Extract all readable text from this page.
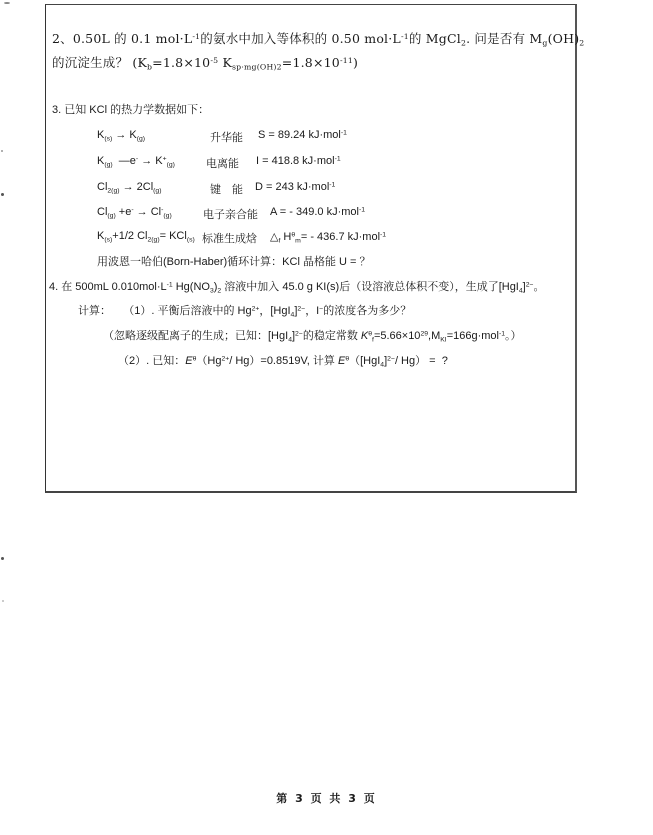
2、0.50L 的 0.1 $mol\cdot L^{-1}$的氨水中加入等体积的 0.50 $mol\cdot L^{-1}$的 MgCl$_2$. 问是否有 $M_g(OH)_2$
的沉淀生成？ ($K_b=1.8\times 10^{-5}$ $K_{sp\cdot mg(OH)2}=1.8\times 10^{-11}$)
3. 已知 KCl 的热力学数据如下：
$K_{(s)} \to K_{(g)}$	升华能 S = 89.24 kJ·mol$^{-1}$
$K_{(g)}$  —e- → $K^+_{(g)}$	电离能 I = 418.8 kJ·mol$^{-1}$
$Cl_{2(g)} \to 2Cl_{(g)}$	键　能 D = 243 kJ·mol$^{-1}$
$Cl_{(g)} +e^- \to Cl^-_{(g)}$	电子亲合能 A = - 349.0 kJ·mol$^{-1}$
$K_{(s)}+1/2$ $Cl_{2(g)}= KCl_{(s)}$ 标准生成焓 $\triangle_f$ $H^\theta_m= - 436.7$ kJ·mol$^{-1}$
用波恩一哈伯(Born-Haber)循环计算：KCl 晶格能 U = ？
4. 在 500mL $0.010mol\cdot L^{-1}$ $Hg(NO_3)_2$ 溶液中加入 45.0 g KI(s)后（设溶液总体积不变），生成了$[HgI_4]^{2-}$。
计算：    （1）. 平衡后溶液中的 $Hg^{2+}$，$[HgI_4]^{2-}$，I−的浓度各为多少？
（忽略逐级配离子的生成；已知：$[HgI_4]^{2-}$的稳定常数 $K^\theta_f=5.66\times 10^{29},M_{KI}=166g\cdot mol^{-1}$。）
（2）. 已知：$E^\theta(Hg^{2+}/$ Hg）=0.8519V, 计算 $E^\theta([HgI_4]^{2-}/$ Hg） =  ?
第 3 页 共 3 页
